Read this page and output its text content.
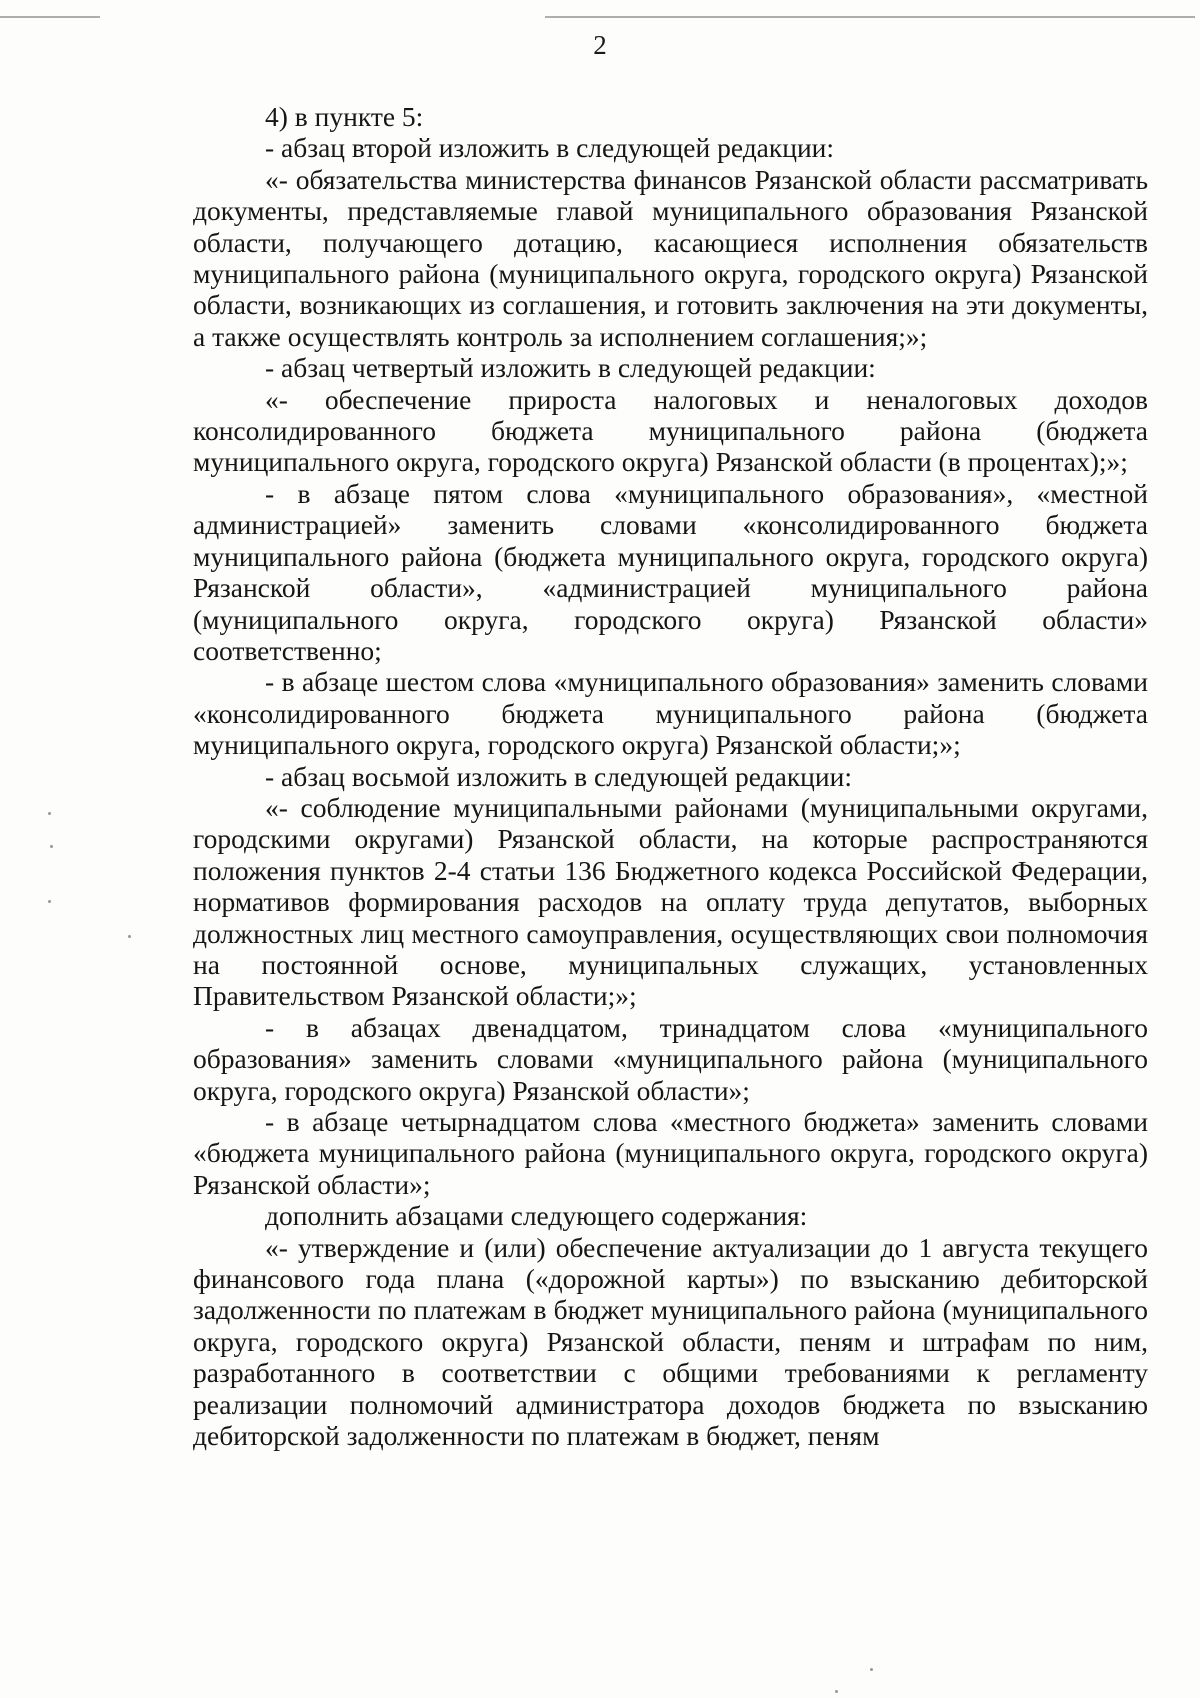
2

4) в пункте 5:

- абзац второй изложить в следующей редакции:

«- обязательства министерства финансов Рязанской области рассматривать документы, представляемые главой муниципального образования Рязанской области, получающего дотацию, касающиеся исполнения обязательств муниципального района (муниципального округа, городского округа) Рязанской области, возникающих из соглашения, и готовить заключения на эти документы, а также осуществлять контроль за исполнением соглашения;»;

- абзац четвертый изложить в следующей редакции:

«- обеспечение прироста налоговых и неналоговых доходов консолидированного бюджета муниципального района (бюджета муниципального округа, городского округа) Рязанской области (в процентах);»;

- в абзаце пятом слова «муниципального образования», «местной администрацией» заменить словами «консолидированного бюджета муниципального района (бюджета муниципального округа, городского округа) Рязанской области», «администрацией муниципального района (муниципального округа, городского округа) Рязанской области» соответственно;

- в абзаце шестом слова «муниципального образования» заменить словами «консолидированного бюджета муниципального района (бюджета муниципального округа, городского округа) Рязанской области;»;

- абзац восьмой изложить в следующей редакции:

«- соблюдение муниципальными районами (муниципальными округами, городскими округами) Рязанской области, на которые распространяются положения пунктов 2-4 статьи 136 Бюджетного кодекса Российской Федерации, нормативов формирования расходов на оплату труда депутатов, выборных должностных лиц местного самоуправления, осуществляющих свои полномочия на постоянной основе, муниципальных служащих, установленных Правительством Рязанской области;»;

- в абзацах двенадцатом, тринадцатом слова «муниципального образования» заменить словами «муниципального района (муниципального округа, городского округа) Рязанской области»;

- в абзаце четырнадцатом слова «местного бюджета» заменить словами «бюджета муниципального района (муниципального округа, городского округа) Рязанской области»;

дополнить абзацами следующего содержания:

«- утверждение и (или) обеспечение актуализации до 1 августа текущего финансового года плана («дорожной карты») по взысканию дебиторской задолженности по платежам в бюджет муниципального района (муниципального округа, городского округа) Рязанской области, пеням и штрафам по ним, разработанного в соответствии с общими требованиями к регламенту реализации полномочий администратора доходов бюджета по взысканию дебиторской задолженности по платежам в бюджет, пеням
